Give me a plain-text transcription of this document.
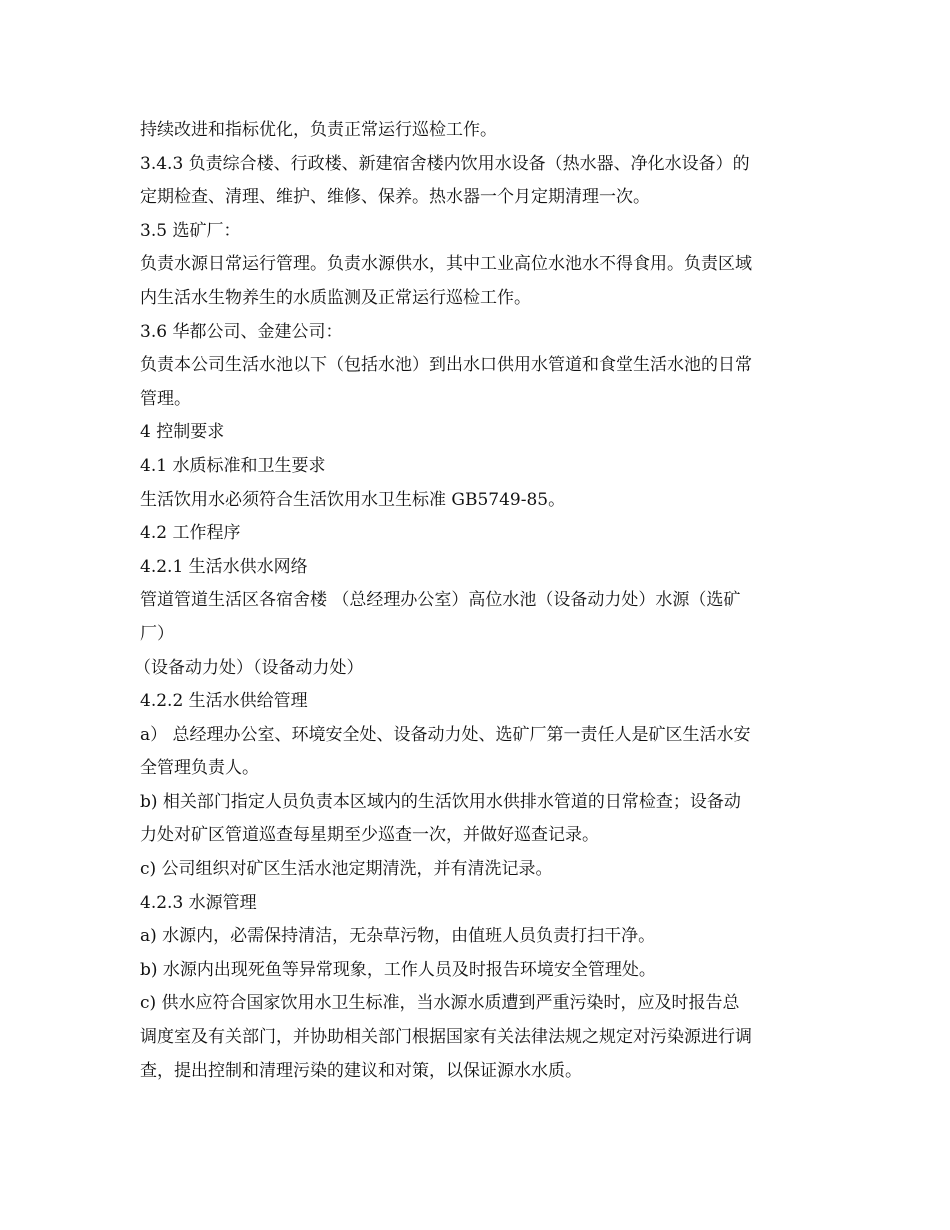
持续改进和指标优化，负责正常运行巡检工作。
3.4.3 负责综合楼、行政楼、新建宿舍楼内饮用水设备（热水器、净化水设备）的
定期检查、清理、维护、维修、保养。热水器一个月定期清理一次。
3.5 选矿厂：
负责水源日常运行管理。负责水源供水，其中工业高位水池水不得食用。负责区域
内生活水生物养生的水质监测及正常运行巡检工作。
3.6 华都公司、金建公司：
负责本公司生活水池以下（包括水池）到出水口供用水管道和食堂生活水池的日常
管理。
4 控制要求
4.1 水质标准和卫生要求
生活饮用水必须符合生活饮用水卫生标准 GB5749-85。
4.2 工作程序
4.2.1 生活水供水网络
管道管道生活区各宿舍楼 （总经理办公室）高位水池（设备动力处）水源（选矿
厂）
（设备动力处）（设备动力处）
4.2.2 生活水供给管理
a） 总经理办公室、环境安全处、设备动力处、选矿厂第一责任人是矿区生活水安
全管理负责人。
b) 相关部门指定人员负责本区域内的生活饮用水供排水管道的日常检查；设备动
力处对矿区管道巡查每星期至少巡查一次，并做好巡查记录。
c) 公司组织对矿区生活水池定期清洗，并有清洗记录。
4.2.3 水源管理
a) 水源内，必需保持清洁，无杂草污物，由值班人员负责打扫干净。
b) 水源内出现死鱼等异常现象，工作人员及时报告环境安全管理处。
c) 供水应符合国家饮用水卫生标准，当水源水质遭到严重污染时，应及时报告总
调度室及有关部门，并协助相关部门根据国家有关法律法规之规定对污染源进行调
查，提出控制和清理污染的建议和对策，以保证源水水质。
